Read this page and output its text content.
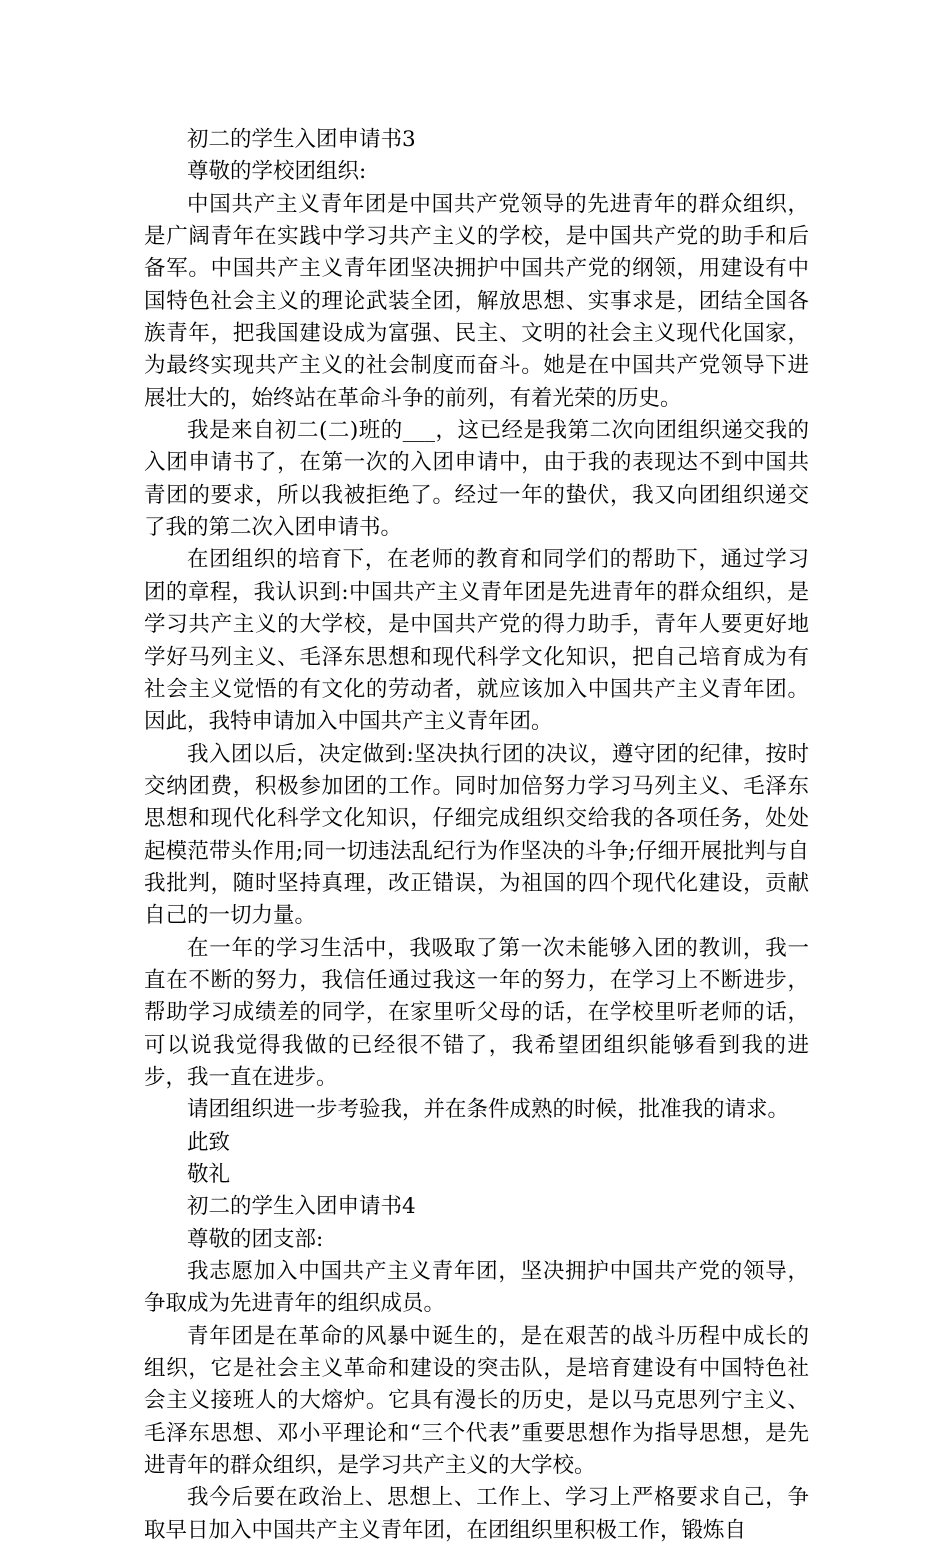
初二的学生入团申请书3
尊敬的学校团组织:
中国共产主义青年团是中国共产党领导的先进青年的群众组织，是广阔青年在实践中学习共产主义的学校，是中国共产党的助手和后备军。中国共产主义青年团坚决拥护中国共产党的纲领，用建设有中国特色社会主义的理论武装全团，解放思想、实事求是，团结全国各族青年，把我国建设成为富强、民主、文明的社会主义现代化国家，为最终实现共产主义的社会制度而奋斗。她是在中国共产党领导下进展壮大的，始终站在革命斗争的前列，有着光荣的历史。
我是来自初二(二)班的___，这已经是我第二次向团组织递交我的入团申请书了，在第一次的入团申请中，由于我的表现达不到中国共青团的要求，所以我被拒绝了。经过一年的蛰伏，我又向团组织递交了我的第二次入团申请书。
在团组织的培育下，在老师的教育和同学们的帮助下，通过学习团的章程，我认识到:中国共产主义青年团是先进青年的群众组织，是学习共产主义的大学校，是中国共产党的得力助手，青年人要更好地学好马列主义、毛泽东思想和现代科学文化知识，把自己培育成为有社会主义觉悟的有文化的劳动者，就应该加入中国共产主义青年团。因此，我特申请加入中国共产主义青年团。
我入团以后，决定做到:坚决执行团的决议，遵守团的纪律，按时交纳团费，积极参加团的工作。同时加倍努力学习马列主义、毛泽东思想和现代化科学文化知识，仔细完成组织交给我的各项任务，处处起模范带头作用;同一切违法乱纪行为作坚决的斗争;仔细开展批判与自我批判，随时坚持真理，改正错误，为祖国的四个现代化建设，贡献自己的一切力量。
在一年的学习生活中，我吸取了第一次未能够入团的教训，我一直在不断的努力，我信任通过我这一年的努力，在学习上不断进步，帮助学习成绩差的同学，在家里听父母的话，在学校里听老师的话，可以说我觉得我做的已经很不错了，我希望团组织能够看到我的进步，我一直在进步。
请团组织进一步考验我，并在条件成熟的时候，批准我的请求。
此致
敬礼
初二的学生入团申请书4
尊敬的团支部:
我志愿加入中国共产主义青年团，坚决拥护中国共产党的领导，争取成为先进青年的组织成员。
青年团是在革命的风暴中诞生的，是在艰苦的战斗历程中成长的组织，它是社会主义革命和建设的突击队，是培育建设有中国特色社会主义接班人的大熔炉。它具有漫长的历史，是以马克思列宁主义、毛泽东思想、邓小平理论和“三个代表”重要思想作为指导思想，是先进青年的群众组织，是学习共产主义的大学校。
我今后要在政治上、思想上、工作上、学习上严格要求自己，争取早日加入中国共产主义青年团，在团组织里积极工作，锻炼自
